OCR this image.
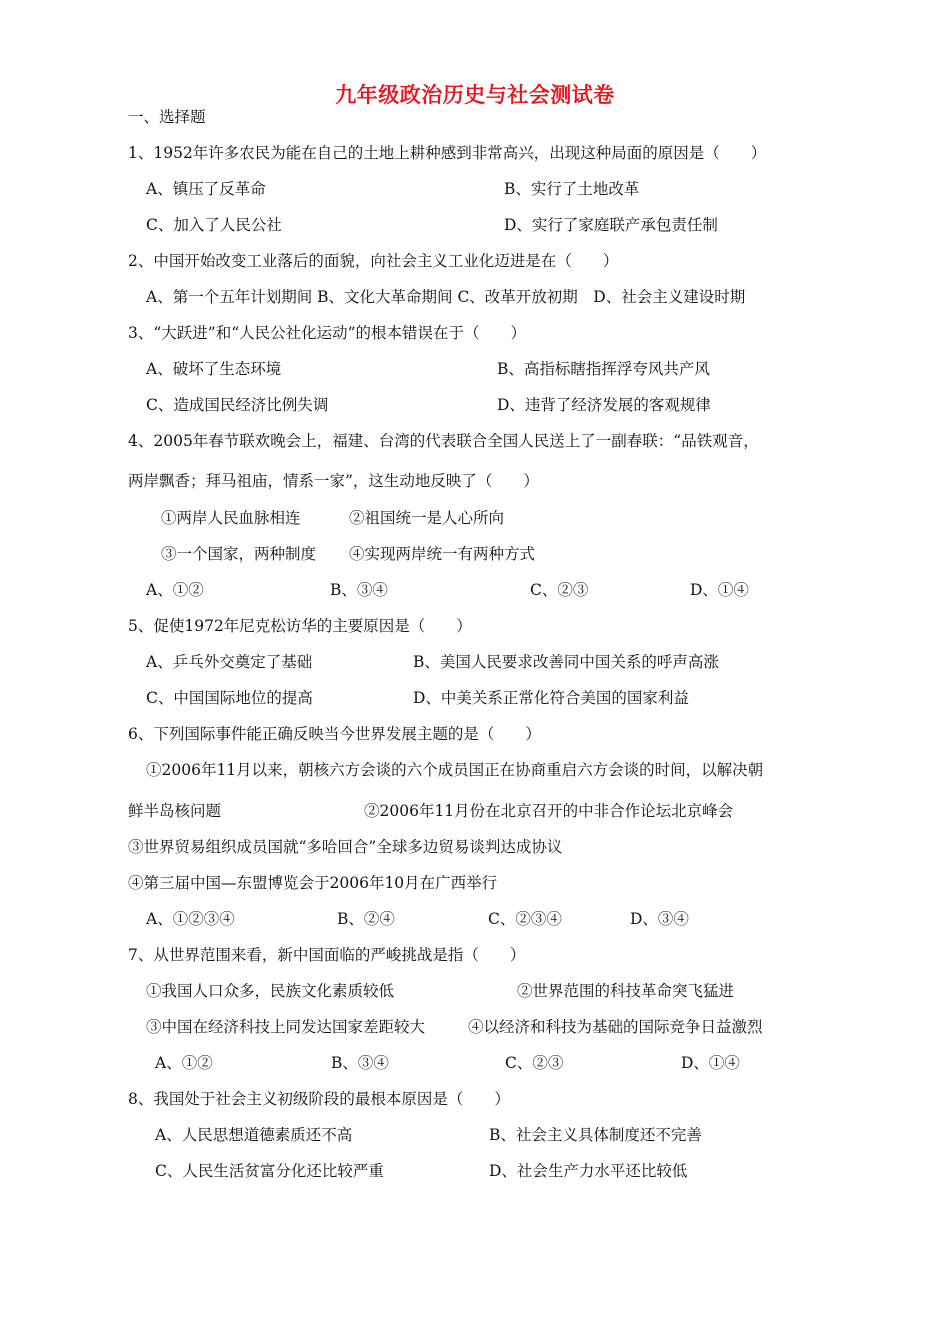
九年级政治历史与社会测试卷
一、选择题
1、1952年许多农民为能在自己的土地上耕种感到非常高兴，出现这种局面的原因是（　　）
A、镇压了反革命	B、实行了土地改革
C、加入了人民公社	D、实行了家庭联产承包责任制
2、中国开始改变工业落后的面貌，向社会主义工业化迈进是在（　　）
A、第一个五年计划期间 B、文化大革命期间 C、改革开放初期　D、社会主义建设时期
3、“大跃进”和“人民公社化运动”的根本错误在于（　　）
A、破坏了生态环境	B、高指标瞎指挥浮夸风共产风
C、造成国民经济比例失调	D、违背了经济发展的客观规律
4、2005年春节联欢晚会上，福建、台湾的代表联合全国人民送上了一副春联：“品铁观音，
两岸飘香；拜马祖庙，情系一家”，这生动地反映了（　　）
①两岸人民血脉相连	②祖国统一是人心所向
③一个国家，两种制度 ④实现两岸统一有两种方式
A、①②	B、③④	C、②③	D、①④
5、促使1972年尼克松访华的主要原因是（　　）
A、乒乓外交奠定了基础	B、美国人民要求改善同中国关系的呼声高涨
C、中国国际地位的提高	D、中美关系正常化符合美国的国家利益
6、下列国际事件能正确反映当今世界发展主题的是（　　）
①2006年11月以来，朝核六方会谈的六个成员国正在协商重启六方会谈的时间，以解决朝
鲜半岛核问题	②2006年11月份在北京召开的中非合作论坛北京峰会
③世界贸易组织成员国就“多哈回合”全球多边贸易谈判达成协议
④第三届中国—东盟博览会于2006年10月在广西举行
A、①②③④	B、②④	C、②③④	D、③④
7、从世界范围来看，新中国面临的严峻挑战是指（　　）
①我国人口众多，民族文化素质较低	②世界范围的科技革命突飞猛进
③中国在经济科技上同发达国家差距较大	④以经济和科技为基础的国际竞争日益激烈
A、①②	B、③④	C、②③	D、①④
8、我国处于社会主义初级阶段的最根本原因是（　　）
A、人民思想道德素质还不高	B、社会主义具体制度还不完善
C、人民生活贫富分化还比较严重	D、社会生产力水平还比较低
